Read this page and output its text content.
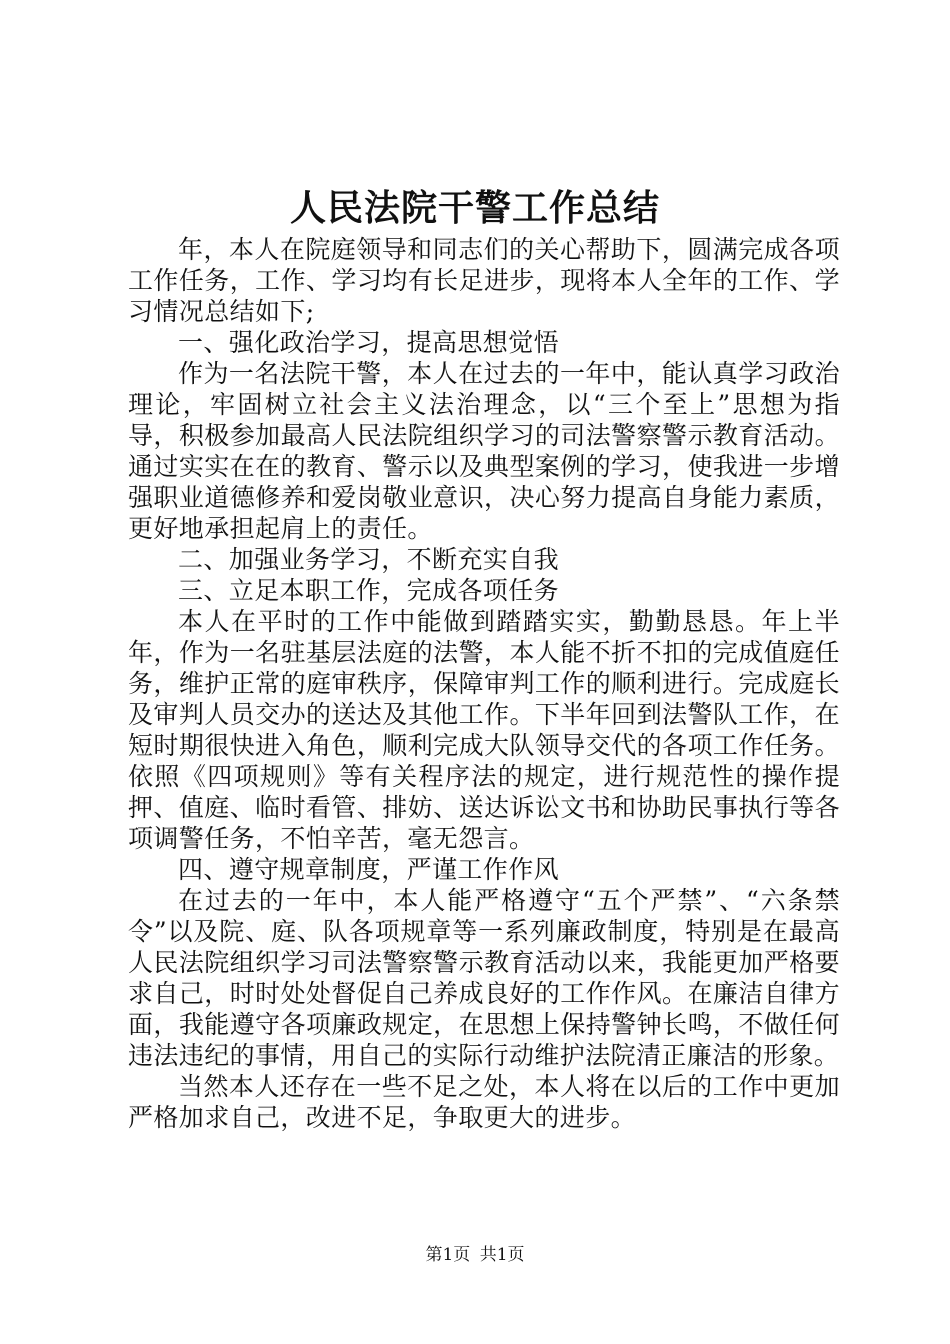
人民法院干警工作总结

年，本人在院庭领导和同志们的关心帮助下，圆满完成各项工作任务，工作、学习均有长足进步，现将本人全年的工作、学习情况总结如下;

一、强化政治学习，提高思想觉悟

作为一名法院干警，本人在过去的一年中，能认真学习政治理论，牢固树立社会主义法治理念，以“三个至上”思想为指导，积极参加最高人民法院组织学习的司法警察警示教育活动。通过实实在在的教育、警示以及典型案例的学习，使我进一步增强职业道德修养和爱岗敬业意识，决心努力提高自身能力素质，更好地承担起肩上的责任。

二、加强业务学习，不断充实自我

三、立足本职工作，完成各项任务

本人在平时的工作中能做到踏踏实实，勤勤恳恳。年上半年，作为一名驻基层法庭的法警，本人能不折不扣的完成值庭任务，维护正常的庭审秩序，保障审判工作的顺利进行。完成庭长及审判人员交办的送达及其他工作。下半年回到法警队工作，在短时期很快进入角色，顺利完成大队领导交代的各项工作任务。依照《四项规则》等有关程序法的规定，进行规范性的操作提押、值庭、临时看管、排妨、送达诉讼文书和协助民事执行等各项调警任务，不怕辛苦，毫无怨言。

四、遵守规章制度，严谨工作作风

在过去的一年中，本人能严格遵守“五个严禁”、“六条禁令”以及院、庭、队各项规章等一系列廉政制度，特别是在最高人民法院组织学习司法警察警示教育活动以来，我能更加严格要求自己，时时处处督促自己养成良好的工作作风。在廉洁自律方面，我能遵守各项廉政规定，在思想上保持警钟长鸣，不做任何违法违纪的事情，用自己的实际行动维护法院清正廉洁的形象。

当然本人还存在一些不足之处，本人将在以后的工作中更加严格加求自己，改进不足，争取更大的进步。

第1页 共1页
